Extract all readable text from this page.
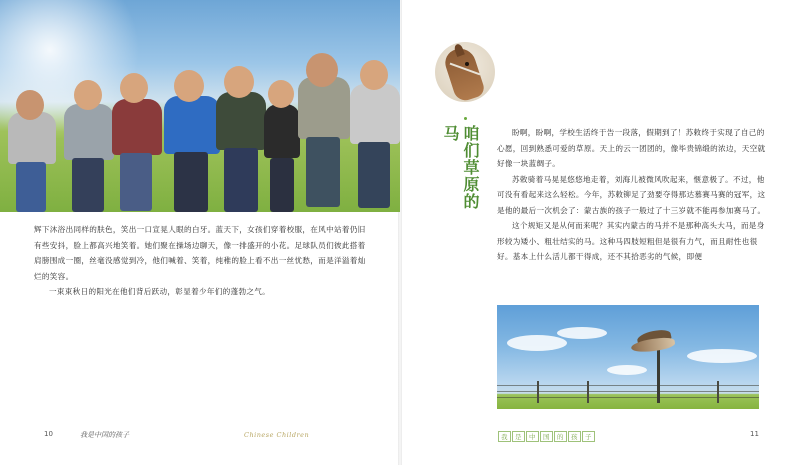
辉下沐浴出同样的肤色，笑出一口宣晃人眼的白牙。蓝天下，女孩们穿着校服，在风中站着仍旧有些安抖，脸上都高兴地笑着。她们聚在操场边聊天，像一排盛开的小花。足球队员们彼此搭着肩膀围成一圈，丝毫没感觉到冷，他们喊着、笑着，纯稚的脸上看不出一丝忧愁，而是洋溢着灿烂的笑容。

一束束秋日的阳光在他们背后跃动，彰显着少年们的蓬勃之气。

10	我是中国的孩子	Chinese Children
咱们草原的马	盼啊，盼啊，学校生活终于告一段落，假期到了！苏敕终于实现了自己的心愿，回到熟悉可爱的草原。天上的云一团团的，像毕贵锦缎的浓边，天空就好像一块蓝绸子。

苏敕骑着马晃晃悠悠地走着，刘海儿被微风吹起来，惬意极了。不过，他可没有看起来这么轻松。今年，苏敕铆足了劲要夺得那达慕赛马赛的冠军，这是他的最后一次机会了：蒙古族的孩子一般过了十三岁就不能再参加赛马了。

这个规矩又是从何而来呢？其实内蒙古的马并不是那种高头大马，而是身形较为矮小、粗壮结实的马。这种马四肢短粗但是很有力气，而且耐性也很好。基本上什么活儿都干得成，还不其拾恶劣的气候，即便

我 是 中 国 的 孩 子	11
